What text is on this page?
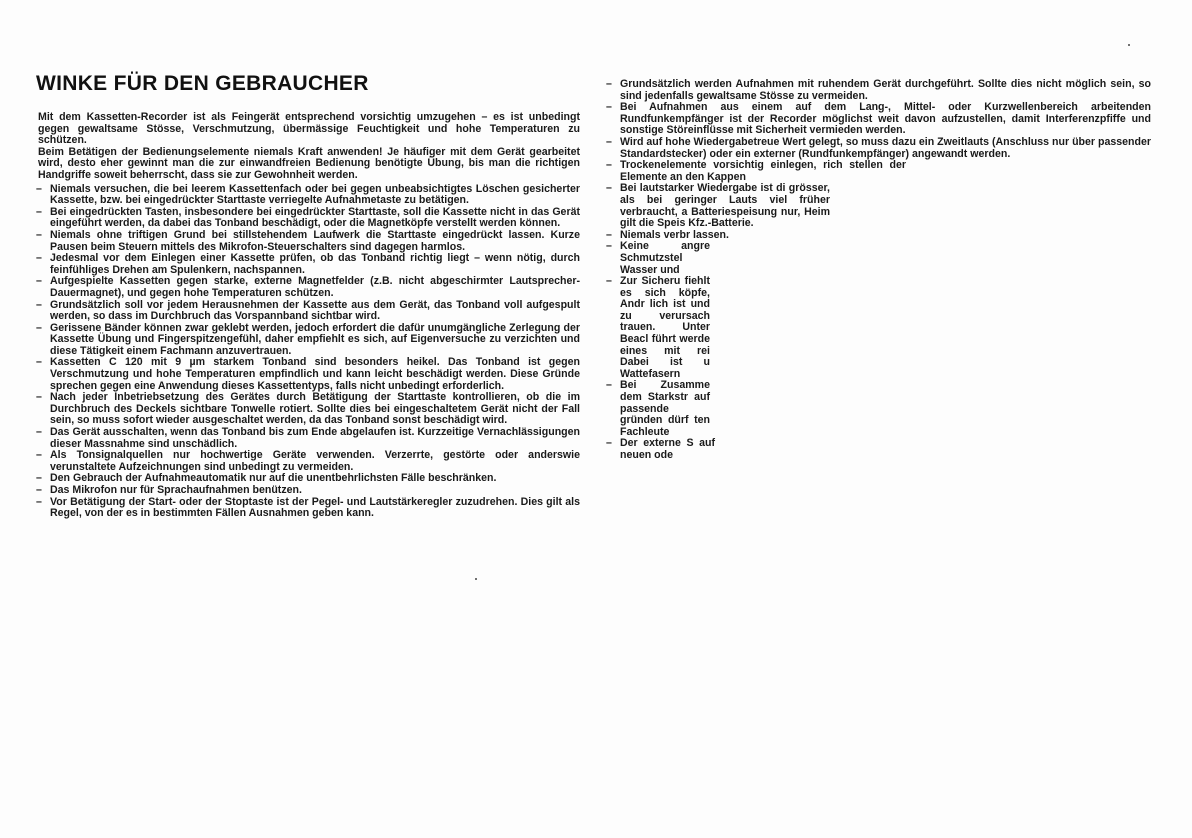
WINKE FÜR DEN GEBRAUCHER

Mit dem Kassetten-Recorder ist als Feingerät entsprechend vorsichtig umzugehen – es ist unbedingt gegen gewaltsame Stösse, Verschmutzung, übermässige Feuchtigkeit und hohe Temperaturen zu schützen.

Beim Betätigen der Bedienungselemente niemals Kraft anwenden! Je häufiger mit dem Gerät gearbeitet wird, desto eher gewinnt man die zur einwandfreien Bedienung benötigte Übung, bis man die richtigen Handgriffe soweit beherrscht, dass sie zur Gewohnheit werden.

– Niemals versuchen, die bei leerem Kassettenfach oder bei gegen unbeabsichtigtes Löschen gesicherter Kassette, bzw. bei eingedrückter Starttaste verriegelte Aufnahmetaste zu betätigen.
– Bei eingedrückten Tasten, insbesondere bei eingedrückter Starttaste, soll die Kassette nicht in das Gerät eingeführt werden, da dabei das Tonband beschädigt, oder die Magnetköpfe verstellt werden können.
– Niemals ohne triftigen Grund bei stillstehendem Laufwerk die Starttaste eingedrückt lassen. Kurze Pausen beim Steuern mittels des Mikrofon-Steuerschalters sind dagegen harmlos.
– Jedesmal vor dem Einlegen einer Kassette prüfen, ob das Tonband richtig liegt – wenn nötig, durch feinfühliges Drehen am Spulenkern, nachspannen.
– Aufgespielte Kassetten gegen starke, externe Magnetfelder (z.B. nicht abgeschirmter Lautsprecher-Dauermagnet), und gegen hohe Temperaturen schützen.
– Grundsätzlich soll vor jedem Herausnehmen der Kassette aus dem Gerät, das Tonband voll aufgespult werden, so dass im Durchbruch das Vorspannband sichtbar wird.
– Gerissene Bänder können zwar geklebt werden, jedoch erfordert die dafür unumgängliche Zerlegung der Kassette Übung und Fingerspitzengefühl, daher empfiehlt es sich, auf Eigenversuche zu verzichten und diese Tätigkeit einem Fachmann anzuvertrauen.
– Kassetten C 120 mit 9 µm starkem Tonband sind besonders heikel. Das Tonband ist gegen Verschmutzung und hohe Temperaturen empfindlich und kann leicht beschädigt werden. Diese Gründe sprechen gegen eine Anwendung dieses Kassettentyps, falls nicht unbedingt erforderlich.
– Nach jeder Inbetriebsetzung des Gerätes durch Betätigung der Starttaste kontrollieren, ob die im Durchbruch des Deckels sichtbare Tonwelle rotiert. Sollte dies bei eingeschaltetem Gerät nicht der Fall sein, so muss sofort wieder ausgeschaltet werden, da das Tonband sonst beschädigt wird.
– Das Gerät ausschalten, wenn das Tonband bis zum Ende abgelaufen ist. Kurzzeitige Vernachlässigungen dieser Massnahme sind unschädlich.
– Als Tonsignalquellen nur hochwertige Geräte verwenden. Verzerrte, gestörte oder anderswie verunstaltete Aufzeichnungen sind unbedingt zu vermeiden.
– Den Gebrauch der Aufnahmeautomatik nur auf die unentbehrlichsten Fälle beschränken.
– Das Mikrofon nur für Sprachaufnahmen benützen.
– Vor Betätigung der Start- oder der Stoptaste ist der Pegel- und Lautstärkeregler zuzudrehen. Dies gilt als Regel, von der es in bestimmten Fällen Ausnahmen geben kann.
– Grundsätzlich werden Aufnahmen mit ruhendem Gerät durchgeführt. Sollte dies nicht möglich sein, so sind jedenfalls gewaltsame Stösse zu vermeiden.
– Bei Aufnahmen aus einem auf dem Lang-, Mittel- oder Kurzwellenbereich arbeitenden Rundfunkempfänger ist der Recorder möglichst weit davon aufzustellen, damit Interferenzpfiffe und sonstige Störeinflüsse mit Sicherheit vermieden werden.
– Wird auf hohe Wiedergabetreue Wert gelegt, so muss dazu ein Zweitlauts (Anschluss nur über passender Standardstecker) oder ein externer (Rundfunkempfänger) angewandt werden.
– Trockenelemente vorsichtig einlegen, rich stellen der Elemente an den Kappen
– Bei lautstarker Wiedergabe ist di grösser, als bei geringer Lauts viel früher verbraucht, a Batteriespeisung nur, Heim gilt die Speis Kfz.-Batterie.
– Niemals verbr lassen.
– Keine angre Schmutzstel Wasser und
– Zur Sicheru fiehlt es sich köpfe, Andr lich ist und zu verursach trauen. Unter Beacl führt werde eines mit rei Dabei ist u Wattefasern
– Bei Zusamme dem Starkstr auf passende gründen dürf ten Fachleute
– Der externe S auf neuen ode
